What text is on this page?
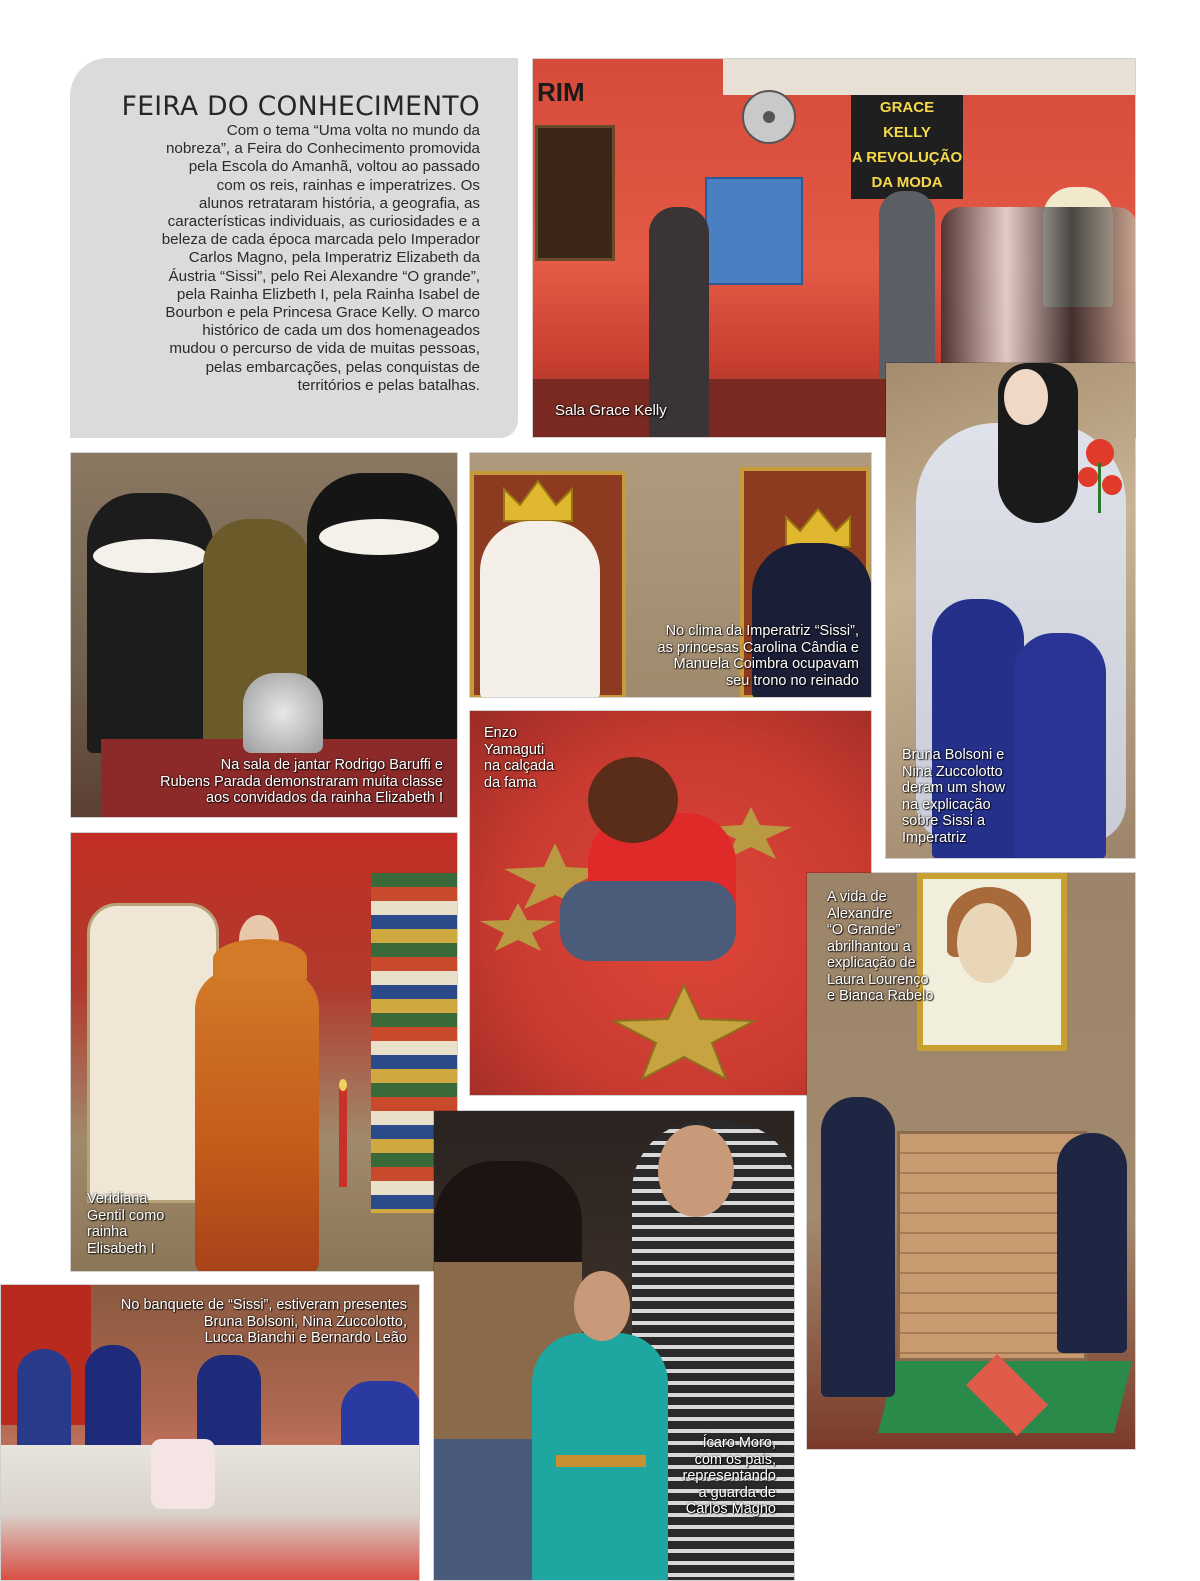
FEIRA DO CONHECIMENTO

Com o tema “Uma volta no mundo da
nobreza”, a Feira do Conhecimento promovida
pela Escola do Amanhã, voltou ao passado
com os reis, rainhas e imperatrizes. Os
alunos retrataram história, a geografia, as
características individuais, as curiosidades e a
beleza de cada época marcada pelo Imperador
Carlos Magno, pela Imperatriz Elizabeth da
Áustria “Sissi”, pelo Rei Alexandre “O grande”,
pela Rainha Elizbeth I, pela Rainha Isabel de
Bourbon e pela Princesa Grace Kelly. O marco
histórico de cada um dos homenageados
mudou o percurso de vida de muitas pessoas,
pelas embarcações, pelas conquistas de
territórios e pelas batalhas.

RIM
GRACE
KELLY
A REVOLUÇÃO
DA MODA
Sala Grace Kelly
Na sala de jantar Rodrigo Baruffi e
Rubens Parada demonstraram muita classe
aos convidados da rainha Elizabeth I
No clima da Imperatriz “Sissi”,
as princesas Carolina Cândia e
Manuela Coimbra ocupavam
seu trono no reinado
Bruna Bolsoni e
Nina Zuccolotto
deram um show
na explicação
sobre Sissi a
Imperatriz
Enzo
Yamaguti
na calçada
da fama
Veridiana
Gentil como
rainha
Elisabeth I
A vida de
Alexandre
“O Grande”
abrilhantou a
explicação de
Laura Lourenço
e Bianca Rabelo
No banquete de “Sissi”, estiveram presentes
Bruna Bolsoni, Nina Zuccolotto,
Lucca Bianchi e Bernardo Leão
Ícaro Moro,
com os pais,
representando
a guarda de
Carlos Magno
